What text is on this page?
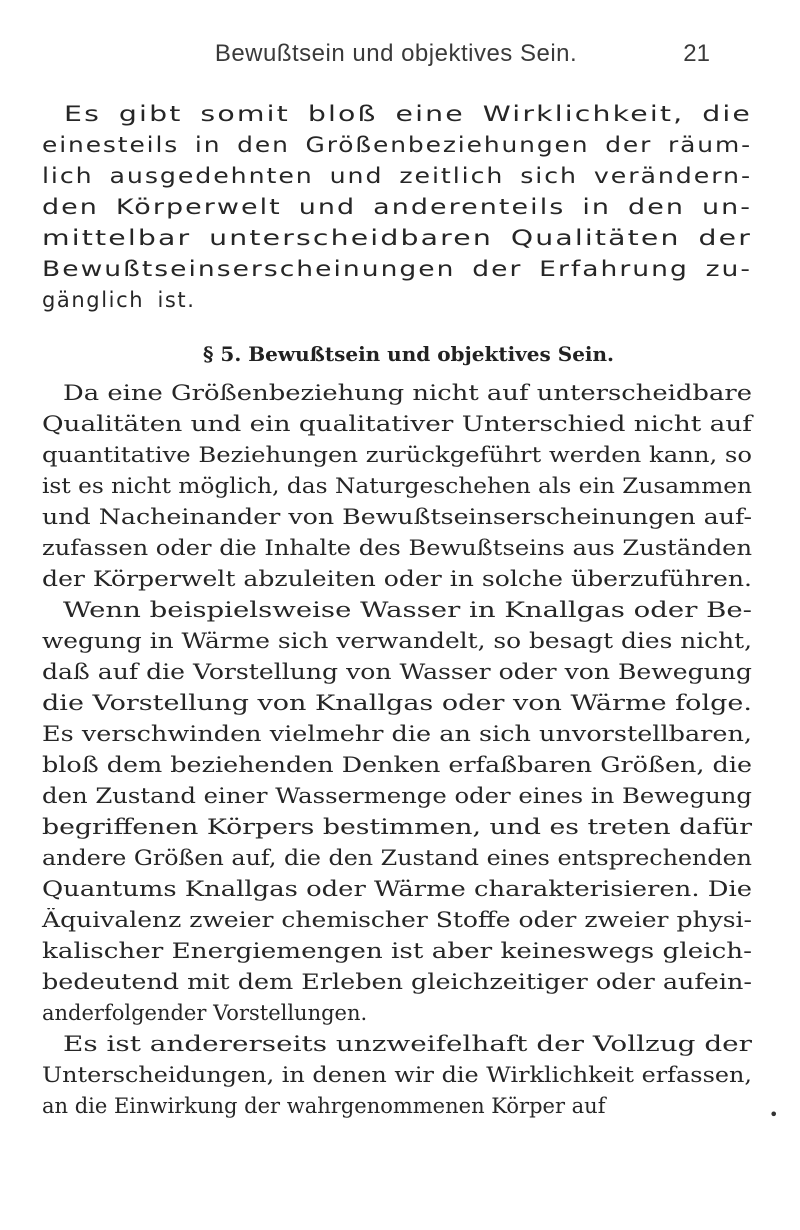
Bewußtsein und objektives Sein.	21
Es gibt somit bloß eine Wirklichkeit, die
einesteils in den Größenbeziehungen der räum-
lich ausgedehnten und zeitlich sich verändern-
den Körperwelt und anderenteils in den un-
mittelbar unterscheidbaren Qualitäten der
Bewußtseinserscheinungen der Erfahrung zu-
gänglich ist.
§ 5. Bewußtsein und objektives Sein.
Da eine Größenbeziehung nicht auf unterscheidbare
Qualitäten und ein qualitativer Unterschied nicht auf
quantitative Beziehungen zurückgeführt werden kann, so
ist es nicht möglich, das Naturgeschehen als ein Zusammen
und Nacheinander von Bewußtseinserscheinungen auf-
zufassen oder die Inhalte des Bewußtseins aus Zuständen
der Körperwelt abzuleiten oder in solche überzuführen.
Wenn beispielsweise Wasser in Knallgas oder Be-
wegung in Wärme sich verwandelt, so besagt dies nicht,
daß auf die Vorstellung von Wasser oder von Bewegung
die Vorstellung von Knallgas oder von Wärme folge.
Es verschwinden vielmehr die an sich unvorstellbaren,
bloß dem beziehenden Denken erfaßbaren Größen, die
den Zustand einer Wassermenge oder eines in Bewegung
begriffenen Körpers bestimmen, und es treten dafür
andere Größen auf, die den Zustand eines entsprechenden
Quantums Knallgas oder Wärme charakterisieren. Die
Äquivalenz zweier chemischer Stoffe oder zweier physi-
kalischer Energiemengen ist aber keineswegs gleich-
bedeutend mit dem Erleben gleichzeitiger oder aufein-
anderfolgender Vorstellungen.
Es ist andererseits unzweifelhaft der Vollzug der
Unterscheidungen, in denen wir die Wirklichkeit erfassen,
an die Einwirkung der wahrgenommenen Körper auf	•
